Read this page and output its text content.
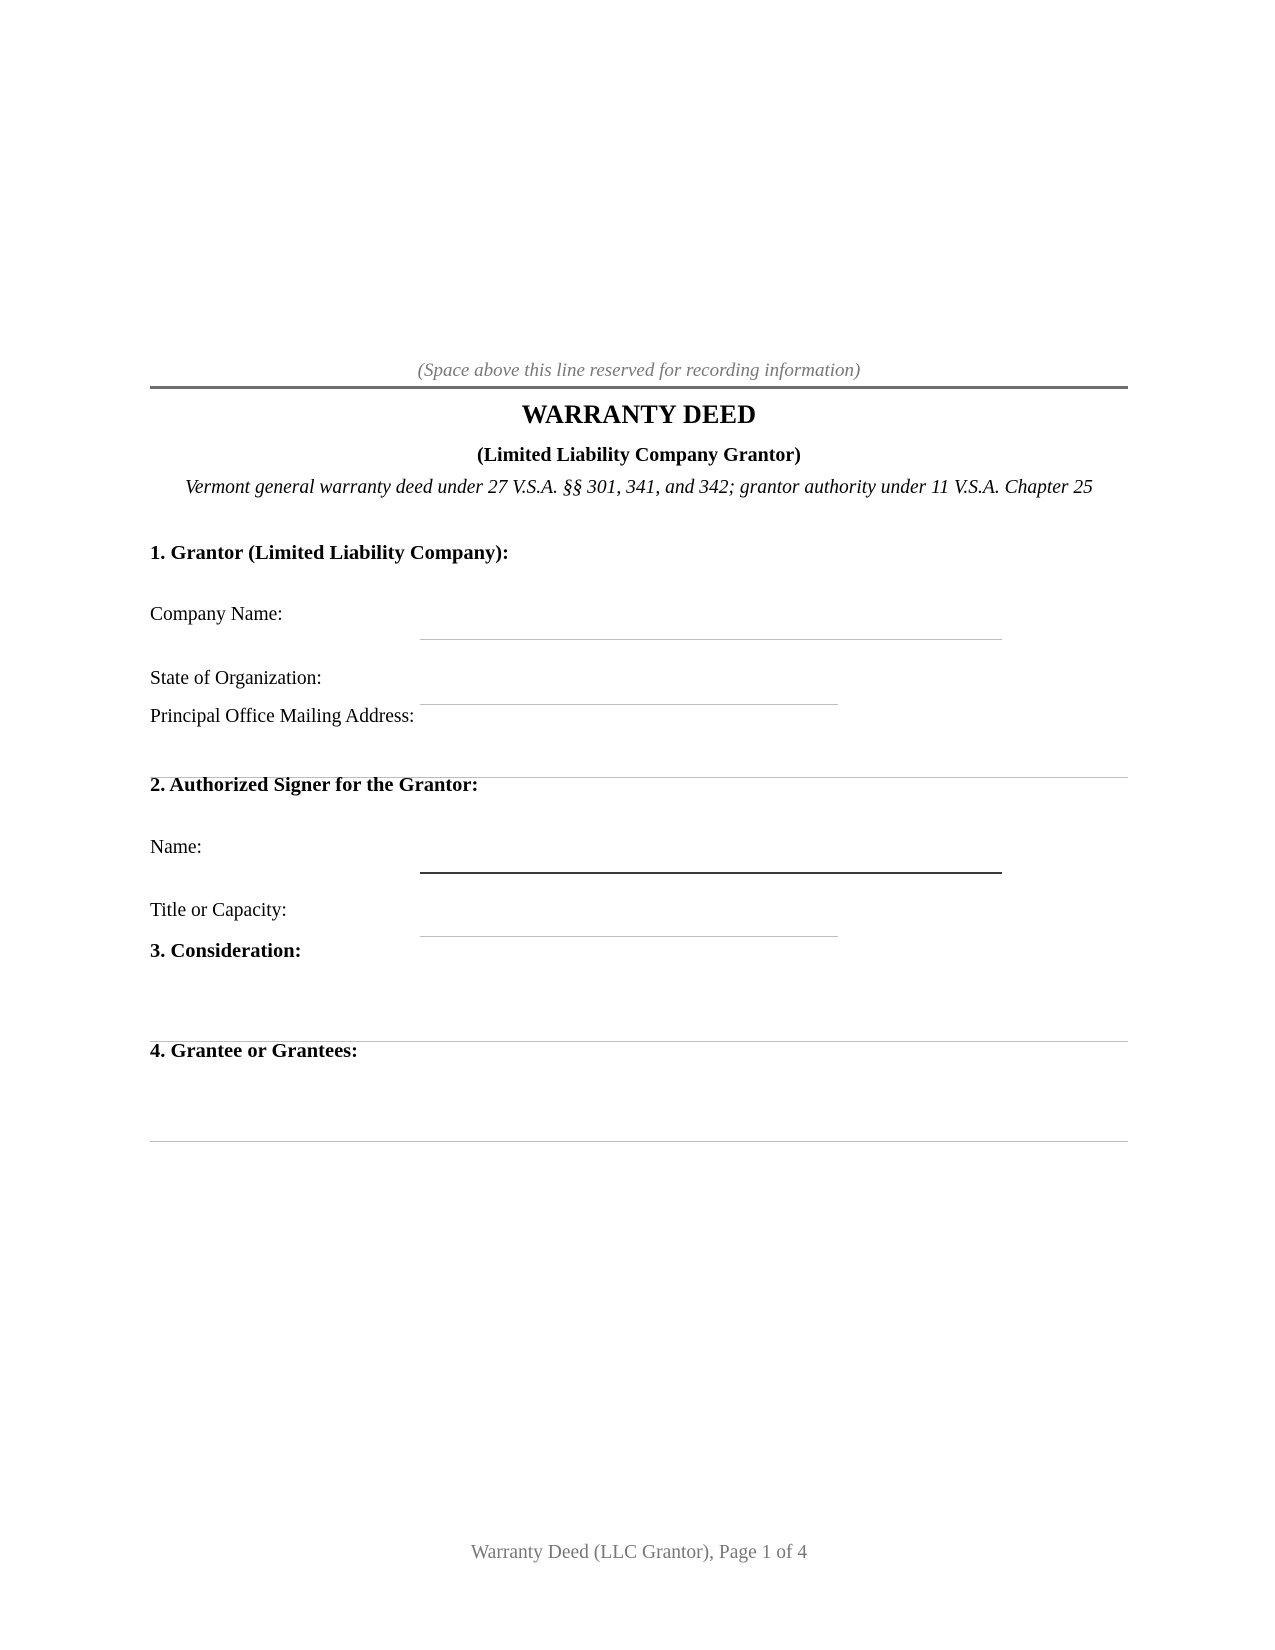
(Space above this line reserved for recording information)
WARRANTY DEED
(Limited Liability Company Grantor)
Vermont general warranty deed under 27 V.S.A. §§ 301, 341, and 342; grantor authority under 11 V.S.A. Chapter 25
1. Grantor (Limited Liability Company):
Company Name:
State of Organization:
Principal Office Mailing Address:
2. Authorized Signer for the Grantor:
Name:
Title or Capacity:
3. Consideration:
4. Grantee or Grantees:
Warranty Deed (LLC Grantor), Page 1 of 4
